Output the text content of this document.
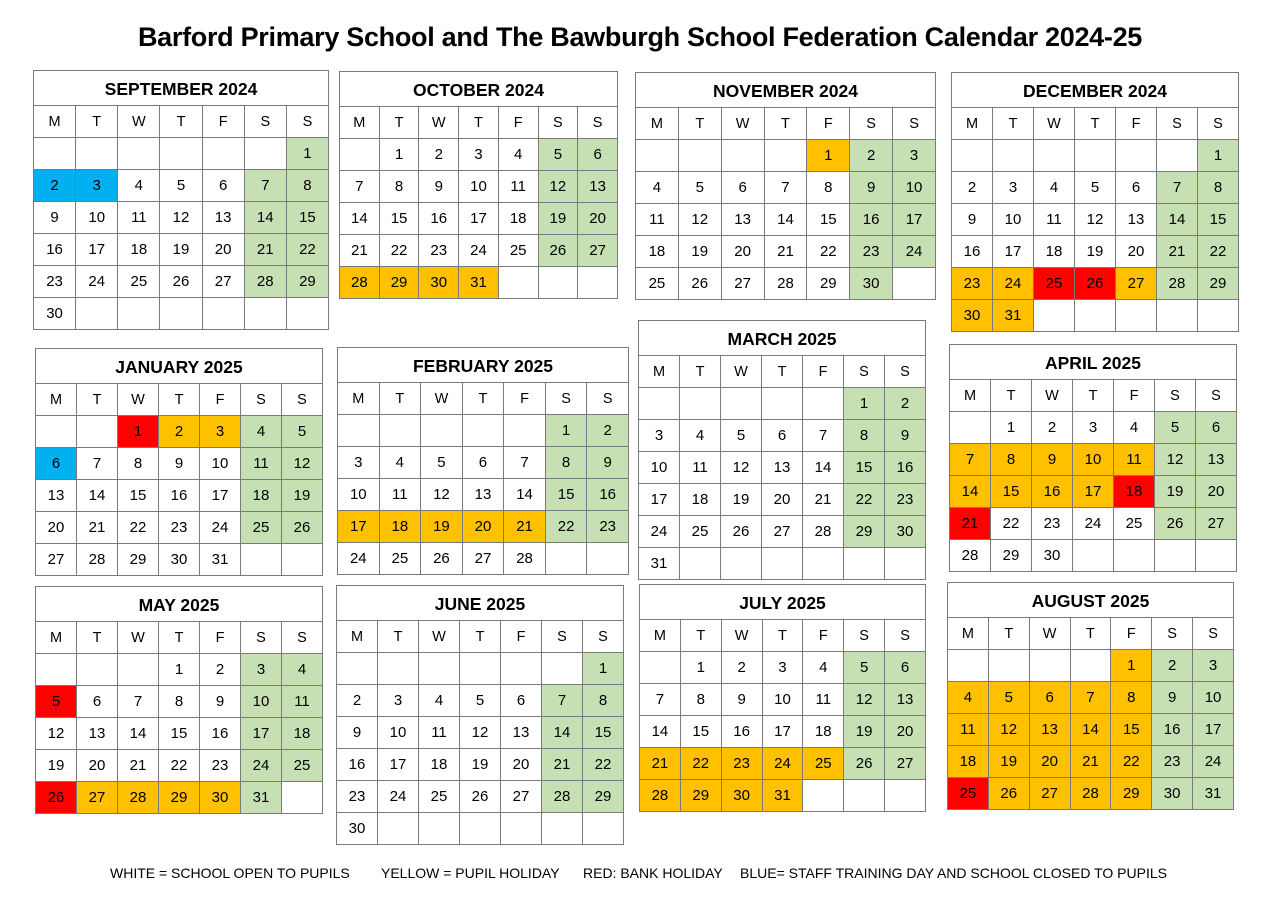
Barford Primary School and The Bawburgh School Federation Calendar 2024-25
SEPTEMBER 2024						
M	T	W	T	F	S	S
						1
2	3	4	5	6	7	8
9	10	11	12	13	14	15
16	17	18	19	20	21	22
23	24	25	26	27	28	29
30						
OCTOBER 2024						
M	T	W	T	F	S	S
	1	2	3	4	5	6
7	8	9	10	11	12	13
14	15	16	17	18	19	20
21	22	23	24	25	26	27
28	29	30	31			
NOVEMBER 2024						
M	T	W	T	F	S	S
				1	2	3
4	5	6	7	8	9	10
11	12	13	14	15	16	17
18	19	20	21	22	23	24
25	26	27	28	29	30	
DECEMBER 2024						
M	T	W	T	F	S	S
						1
2	3	4	5	6	7	8
9	10	11	12	13	14	15
16	17	18	19	20	21	22
23	24	25	26	27	28	29
30	31					
JANUARY 2025						
M	T	W	T	F	S	S
		1	2	3	4	5
6	7	8	9	10	11	12
13	14	15	16	17	18	19
20	21	22	23	24	25	26
27	28	29	30	31		
FEBRUARY 2025						
M	T	W	T	F	S	S
					1	2
3	4	5	6	7	8	9
10	11	12	13	14	15	16
17	18	19	20	21	22	23
24	25	26	27	28		
MARCH 2025						
M	T	W	T	F	S	S
					1	2
3	4	5	6	7	8	9
10	11	12	13	14	15	16
17	18	19	20	21	22	23
24	25	26	27	28	29	30
31						
APRIL 2025						
M	T	W	T	F	S	S
	1	2	3	4	5	6
7	8	9	10	11	12	13
14	15	16	17	18	19	20
21	22	23	24	25	26	27
28	29	30				
MAY 2025						
M	T	W	T	F	S	S
			1	2	3	4
5	6	7	8	9	10	11
12	13	14	15	16	17	18
19	20	21	22	23	24	25
26	27	28	29	30	31	
JUNE 2025						
M	T	W	T	F	S	S
						1
2	3	4	5	6	7	8
9	10	11	12	13	14	15
16	17	18	19	20	21	22
23	24	25	26	27	28	29
30						
JULY 2025						
M	T	W	T	F	S	S
	1	2	3	4	5	6
7	8	9	10	11	12	13
14	15	16	17	18	19	20
21	22	23	24	25	26	27
28	29	30	31			
AUGUST 2025						
M	T	W	T	F	S	S
				1	2	3
4	5	6	7	8	9	10
11	12	13	14	15	16	17
18	19	20	21	22	23	24
25	26	27	28	29	30	31
WHITE = SCHOOL OPEN TO PUPILS YELLOW = PUPIL HOLIDAY RED: BANK HOLIDAY BLUE= STAFF TRAINING DAY AND SCHOOL CLOSED TO PUPILS
